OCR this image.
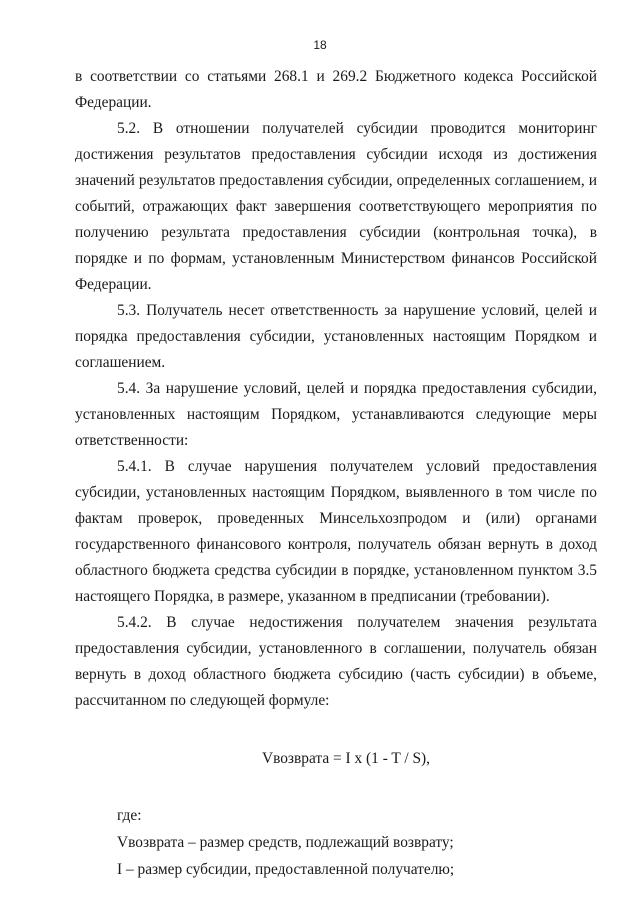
18

в соответствии со статьями 268.1 и 269.2 Бюджетного кодекса Российской Федерации.

5.2. В отношении получателей субсидии проводится мониторинг достижения результатов предоставления субсидии исходя из достижения значений результатов предоставления субсидии, определенных соглашением, и событий, отражающих факт завершения соответствующего мероприятия по получению результата предоставления субсидии (контрольная точка), в порядке и по формам, установленным Министерством финансов Российской Федерации.

5.3. Получатель несет ответственность за нарушение условий, целей и порядка предоставления субсидии, установленных настоящим Порядком и соглашением.

5.4. За нарушение условий, целей и порядка предоставления субсидии, установленных настоящим Порядком, устанавливаются следующие меры ответственности:

5.4.1. В случае нарушения получателем условий предоставления субсидии, установленных настоящим Порядком, выявленного в том числе по фактам проверок, проведенных Минсельхозпродом и (или) органами государственного финансового контроля, получатель обязан вернуть в доход областного бюджета средства субсидии в порядке, установленном пунктом 3.5 настоящего Порядка, в размере, указанном в предписании (требовании).

5.4.2. В случае недостижения получателем значения результата предоставления субсидии, установленного в соглашении, получатель обязан вернуть в доход областного бюджета субсидию (часть субсидии) в объеме, рассчитанном по следующей формуле:

Vвозврата = I x (1 - T / S),

где:

Vвозврата – размер средств, подлежащий возврату;

I – размер субсидии, предоставленной получателю;
